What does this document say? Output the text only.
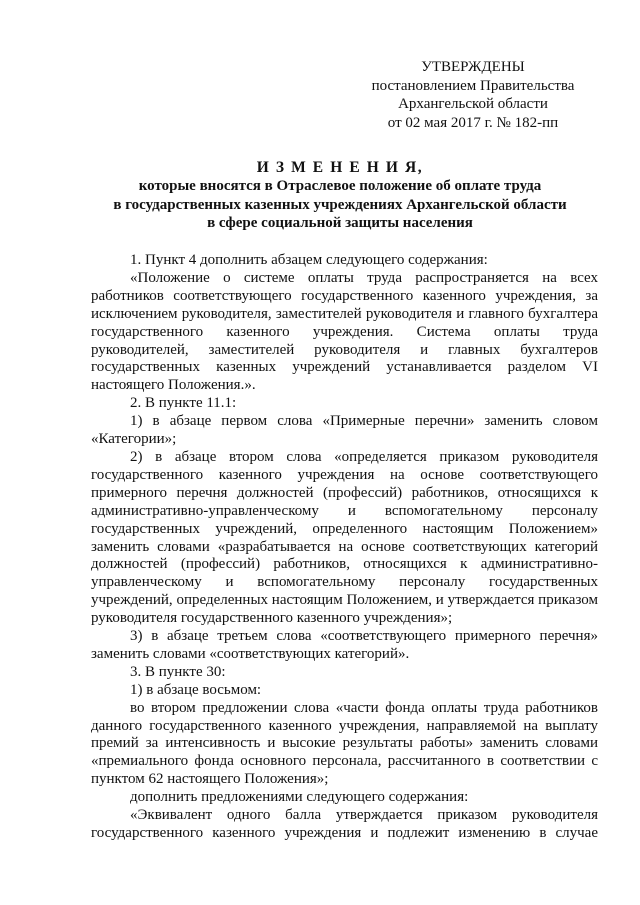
УТВЕРЖДЕНЫ
постановлением Правительства
Архангельской области
от 02 мая 2017 г. № 182-пп
И З М Е Н Е Н И Я,
которые вносятся в Отраслевое положение об оплате труда
в государственных казенных учреждениях Архангельской области
в сфере социальной защиты населения

1. Пункт 4 дополнить абзацем следующего содержания:

«Положение о системе оплаты труда распространяется на всех работников соответствующего государственного казенного учреждения, за исключением руководителя, заместителей руководителя и главного бухгалтера государственного казенного учреждения. Система оплаты труда руководителей, заместителей руководителя и главных бухгалтеров государственных казенных учреждений устанавливается разделом VI настоящего Положения.».

2. В пункте 11.1:

1) в абзаце первом слова «Примерные перечни» заменить словом «Категории»;

2) в абзаце втором слова «определяется приказом руководителя государственного казенного учреждения на основе соответствующего примерного перечня должностей (профессий) работников, относящихся к административно-управленческому и вспомогательному персоналу государственных учреждений, определенного настоящим Положением» заменить словами «разрабатывается на основе соответствующих категорий должностей (профессий) работников, относящихся к административно-управленческому и вспомогательному персоналу государственных учреждений, определенных настоящим Положением, и утверждается приказом руководителя государственного казенного учреждения»;

3) в абзаце третьем слова «соответствующего примерного перечня» заменить словами «соответствующих категорий».

3. В пункте 30:

1) в абзаце восьмом:

во втором предложении слова «части фонда оплаты труда работников данного государственного казенного учреждения, направляемой на выплату премий за интенсивность и высокие результаты работы» заменить словами «премиального фонда основного персонала, рассчитанного в соответствии с пунктом 62 настоящего Положения»;

дополнить предложениями следующего содержания:

«Эквивалент одного балла утверждается приказом руководителя государственного казенного учреждения и подлежит изменению в случае
